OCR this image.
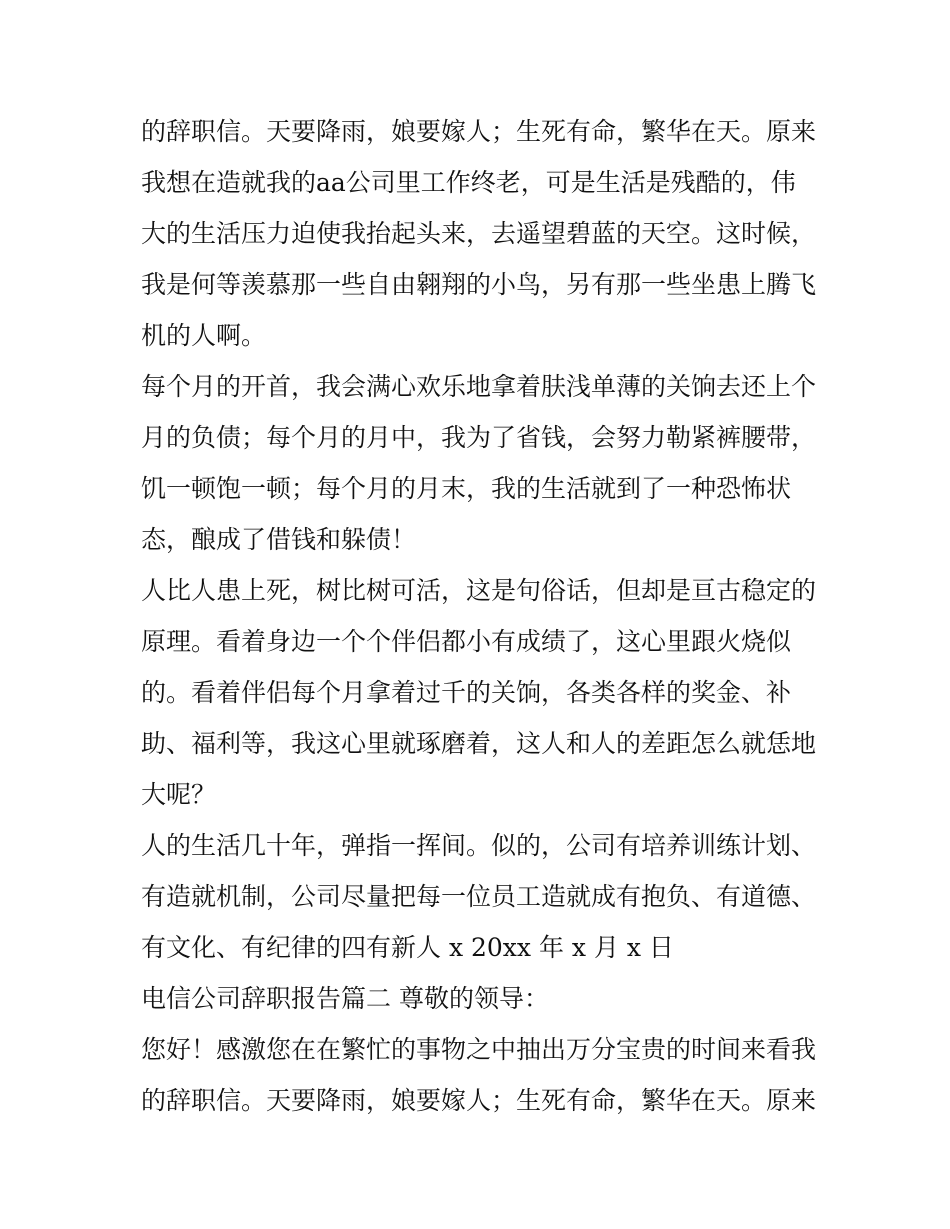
的辞职信。天要降雨，娘要嫁人；生死有命，繁华在天。原来
我想在造就我的aa公司里工作终老，可是生活是残酷的，伟
大的生活压力迫使我抬起头来，去遥望碧蓝的天空。这时候，
我是何等羡慕那一些自由翱翔的小鸟，另有那一些坐患上腾飞
机的人啊。
每个月的开首，我会满心欢乐地拿着肤浅单薄的关饷去还上个
月的负债；每个月的月中，我为了省钱，会努力勒紧裤腰带，
饥一顿饱一顿；每个月的月末，我的生活就到了一种恐怖状
态，酿成了借钱和躲债！
人比人患上死，树比树可活，这是句俗话，但却是亘古稳定的
原理。看着身边一个个伴侣都小有成绩了，这心里跟火烧似
的。看着伴侣每个月拿着过千的关饷，各类各样的奖金、补
助、福利等，我这心里就琢磨着，这人和人的差距怎么就恁地
大呢？
人的生活几十年，弹指一挥间。似的，公司有培养训练计划、
有造就机制，公司尽量把每一位员工造就成有抱负、有道德、
有文化、有纪律的四有新人 x 20xx 年 x 月 x 日
电信公司辞职报告篇二 尊敬的领导：
您好！感激您在在繁忙的事物之中抽出万分宝贵的时间来看我
的辞职信。天要降雨，娘要嫁人；生死有命，繁华在天。原来
